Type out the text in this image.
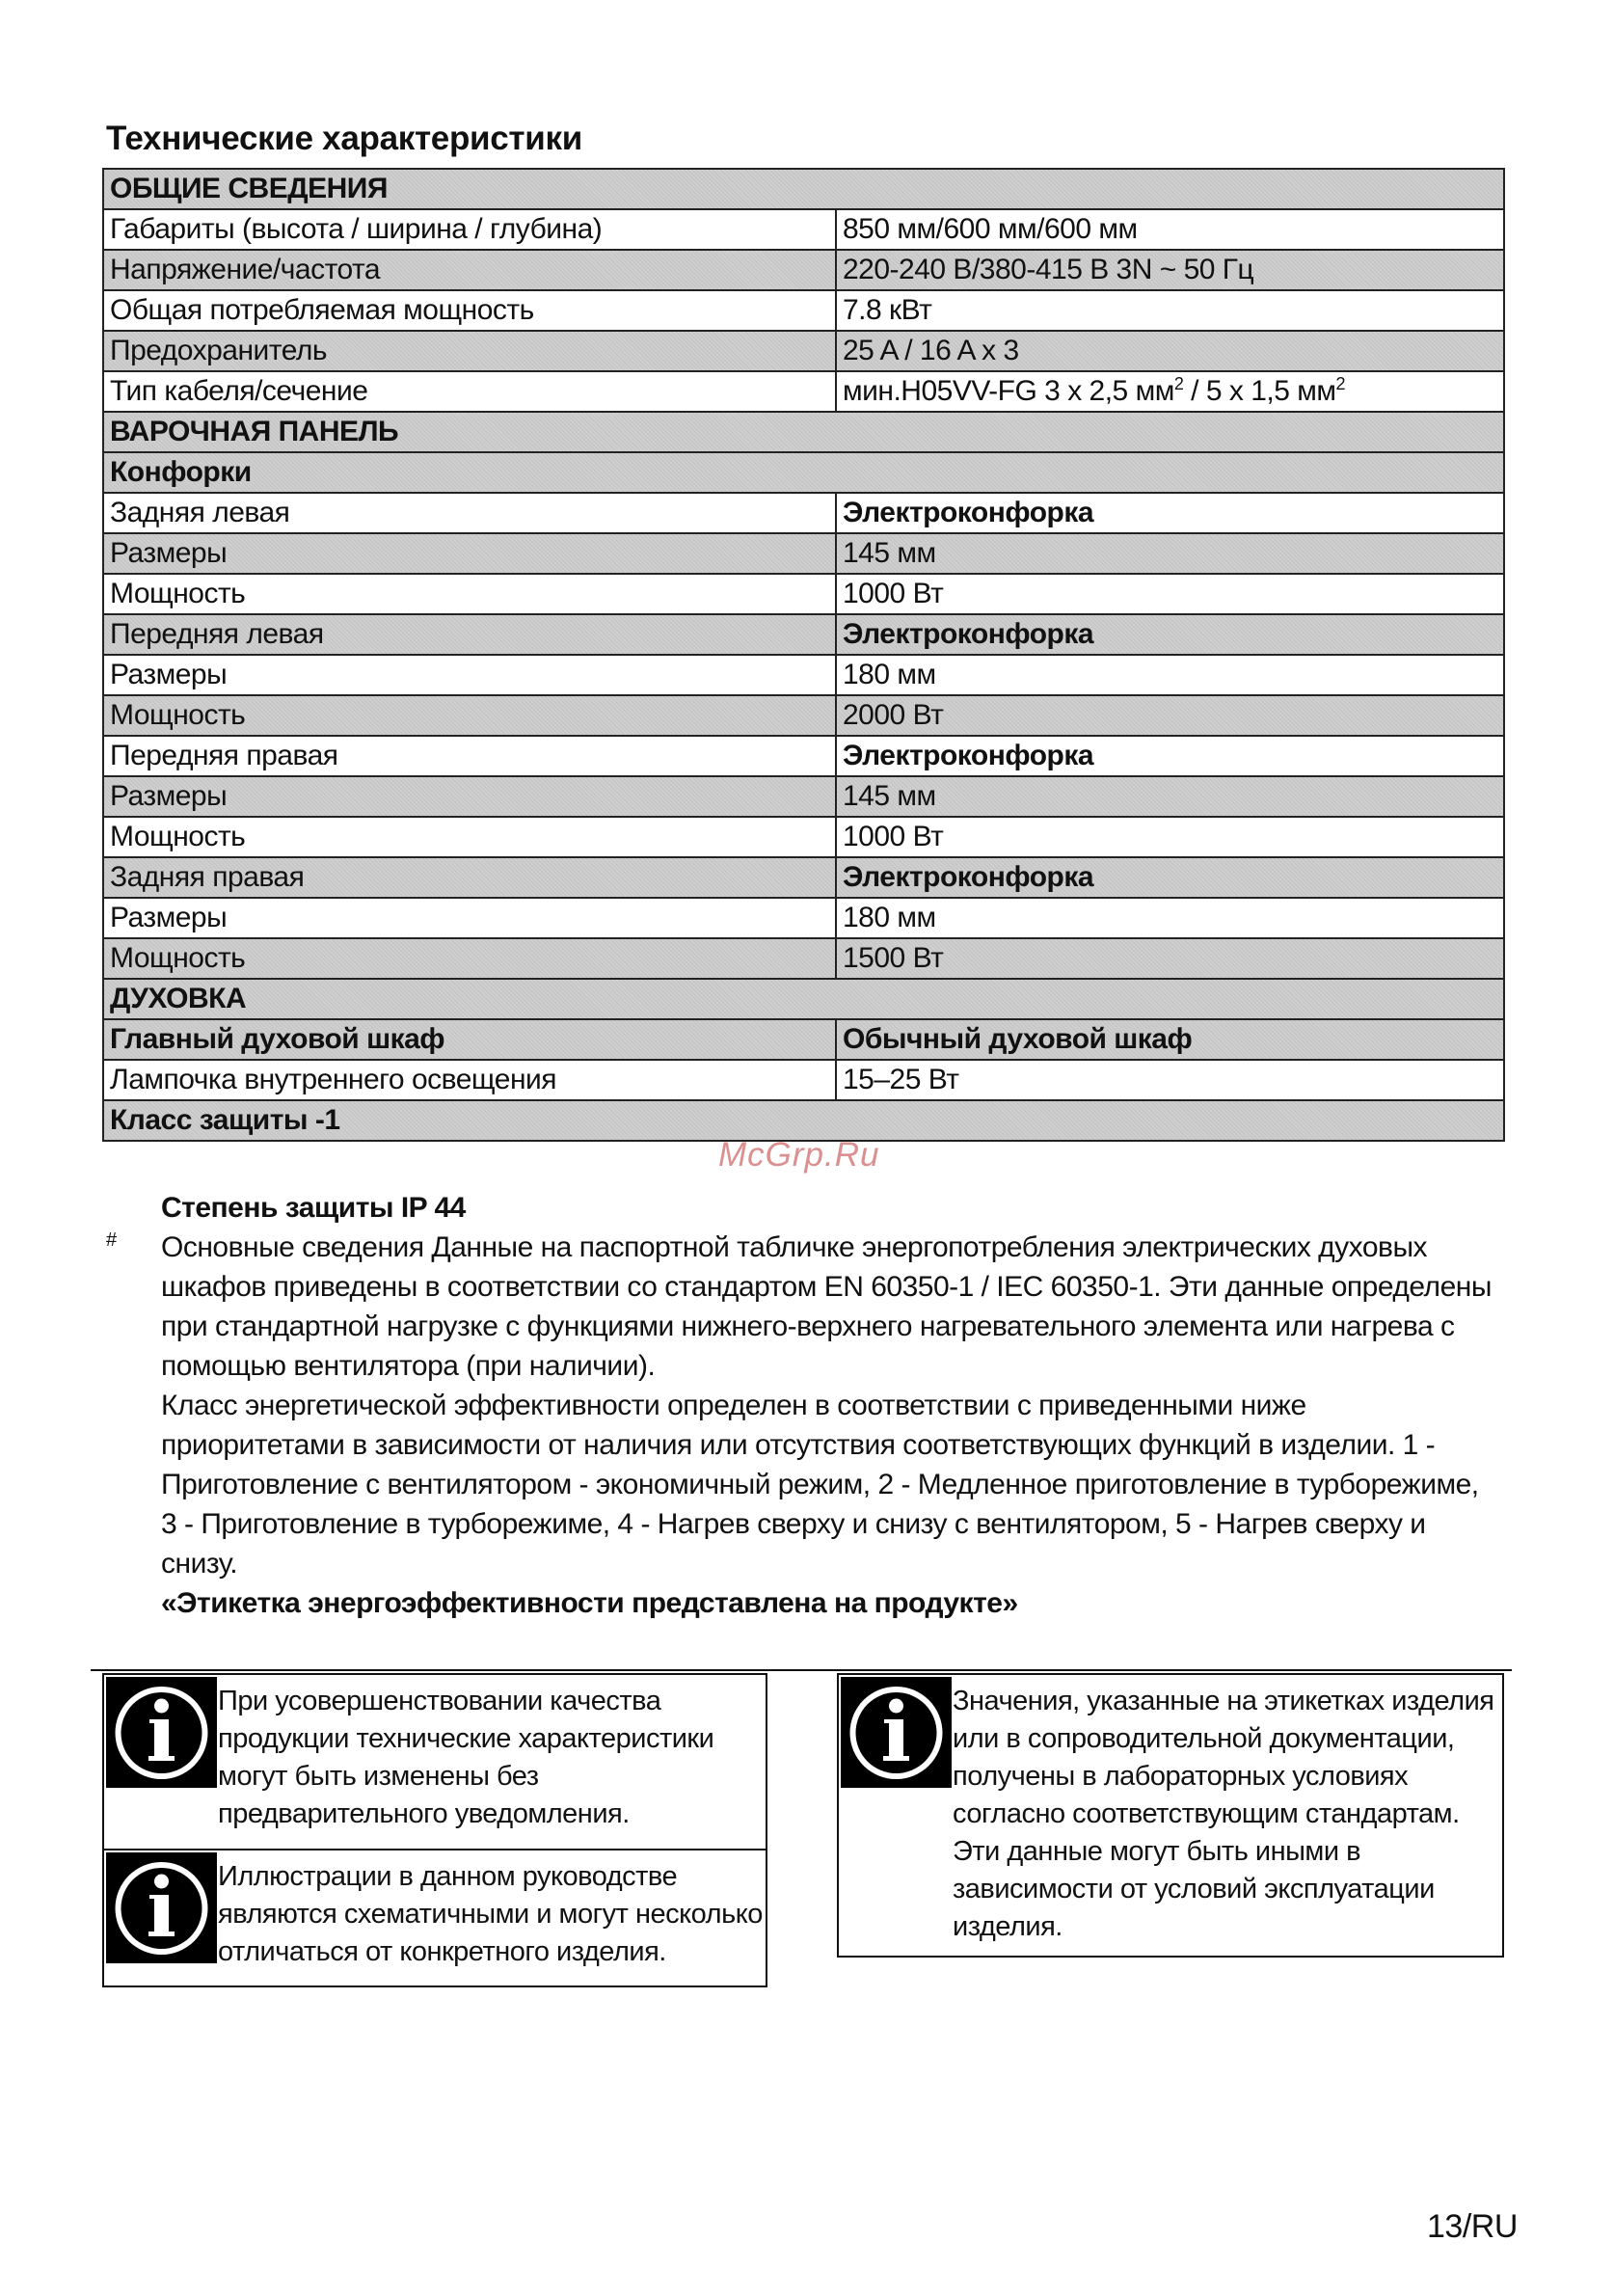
Технические характеристики
ОБЩИЕ СВЕДЕНИЯ	
Габариты (высота / ширина / глубина)	850 мм/600 мм/600 мм
Напряжение/частота	220-240 В/380-415 В 3N ~ 50 Гц
Общая потребляемая мощность	7.8 кВт
Предохранитель	25 A / 16 A x 3
Тип кабеля/сечение	мин.H05VV-FG 3 x 2,5 $мм^2 / 5$ x 1,5 $мм^2$
ВАРОЧНАЯ ПАНЕЛЬ	
Конфорки	
Задняя левая	Электроконфорка
Размеры	145 мм
Мощность	1000 Вт
Передняя левая	Электроконфорка
Размеры	180 мм
Мощность	2000 Вт
Передняя правая	Электроконфорка
Размеры	145 мм
Мощность	1000 Вт
Задняя правая	Электроконфорка
Размеры	180 мм
Мощность	1500 Вт
ДУХОВКА	
Главный духовой шкаф	Обычный духовой шкаф
Лампочка внутреннего освещения	15–25 Вт
Класс защиты -1	
McGrp.Ru
#

Степень защиты IP 44

Основные сведения Данные на паспортной табличке энергопотребления электрических духовых шкафов приведены в соответствии со стандартом EN 60350-1 / IEC 60350-1. Эти данные определены при стандартной нагрузке с функциями нижнего-верхнего нагревательного элемента или нагрева с помощью вентилятора (при наличии).

Класс энергетической эффективности определен в соответствии с приведенными ниже приоритетами в зависимости от наличия или отсутствия соответствующих функций в изделии. 1 - Приготовление с вентилятором - экономичный режим, 2 - Медленное приготовление в турборежиме, 3 - Приготовление в турборежиме, 4 - Нагрев сверху и снизу с вентилятором, 5 - Нагрев сверху и снизу.

«Этикетка энергоэффективности представлена на продукте»

При усовершенствовании качества продукции технические характеристики могут быть изменены без предварительного уведомления.

Иллюстрации в данном руководстве являются схематичными и могут несколько отличаться от конкретного изделия.

Значения, указанные на этикетках изделия или в сопроводительной документации, получены в лабораторных условиях согласно соответствующим стандартам. Эти данные могут быть иными в зависимости от условий эксплуатации изделия.

13/RU
